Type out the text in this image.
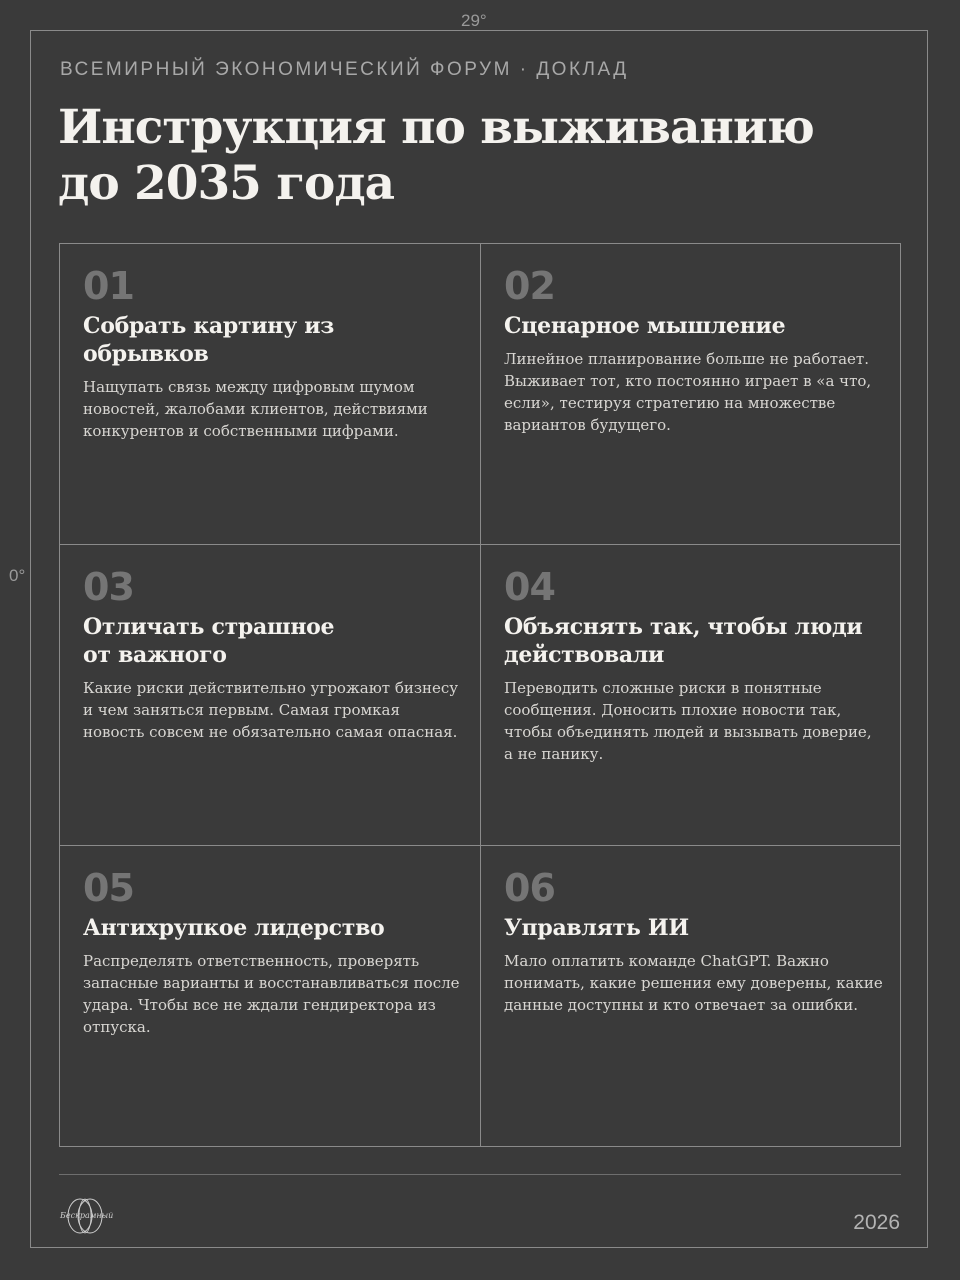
29°
0°
ВСЕМИРНЫЙ ЭКОНОМИЧЕСКИЙ ФОРУМ · ДОКЛАД
Инструкция по выживанию
до 2035 года
01
Собрать картину из
обрывков
Нащупать связь между цифровым шумом новостей, жалобами клиентов, действиями конкурентов и собственными цифрами.
02
Сценарное мышление
Линейное планирование больше не работает. Выживает тот, кто постоянно играет в «а что, если», тестируя стратегию на множестве вариантов будущего.
03
Отличать страшное
от важного
Какие риски действительно угрожают бизнесу и чем заняться первым. Самая громкая новость совсем не обязательно самая опасная.
04
Объяснять так, чтобы люди
действовали
Переводить сложные риски в понятные сообщения. Доносить плохие новости так, чтобы объединять людей и вызывать доверие, а не панику.
05
Антихрупкое лидерство
Распределять ответственность, проверять запасные варианты и восстанавливаться после удара. Чтобы все не ждали гендиректора из отпуска.
06
Управлять ИИ
Мало оплатить команде ChatGPT. Важно понимать, какие решения ему доверены, какие данные доступны и кто отвечает за ошибки.
Бескрамный	2026
